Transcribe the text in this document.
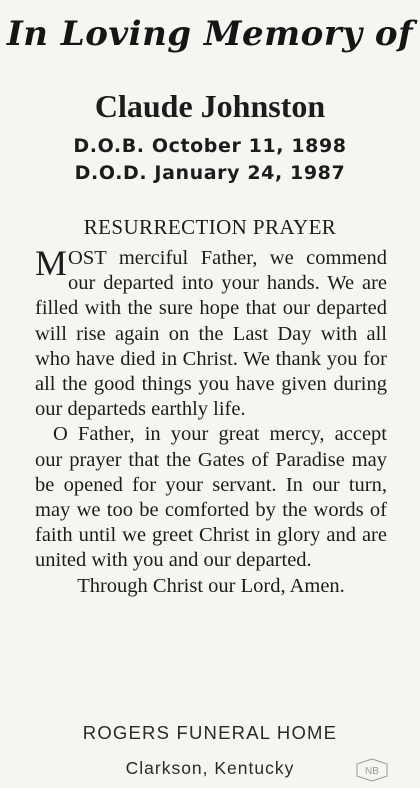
In Loving Memory of
Claude Johnston
D.O.B. October 11, 1898
D.O.D. January 24, 1987
RESURRECTION PRAYER

MOST merciful Father, we commend our departed into your hands. We are filled with the sure hope that our departed will rise again on the Last Day with all who have died in Christ. We thank you for all the good things you have given during our departeds earthly life.

O Father, in your great mercy, accept our prayer that the Gates of Paradise may be opened for your servant. In our turn, may we too be comforted by the words of faith until we greet Christ in glory and are united with you and our departed.

Through Christ our Lord, Amen.

ROGERS FUNERAL HOME
Clarkson, Kentucky	NB
